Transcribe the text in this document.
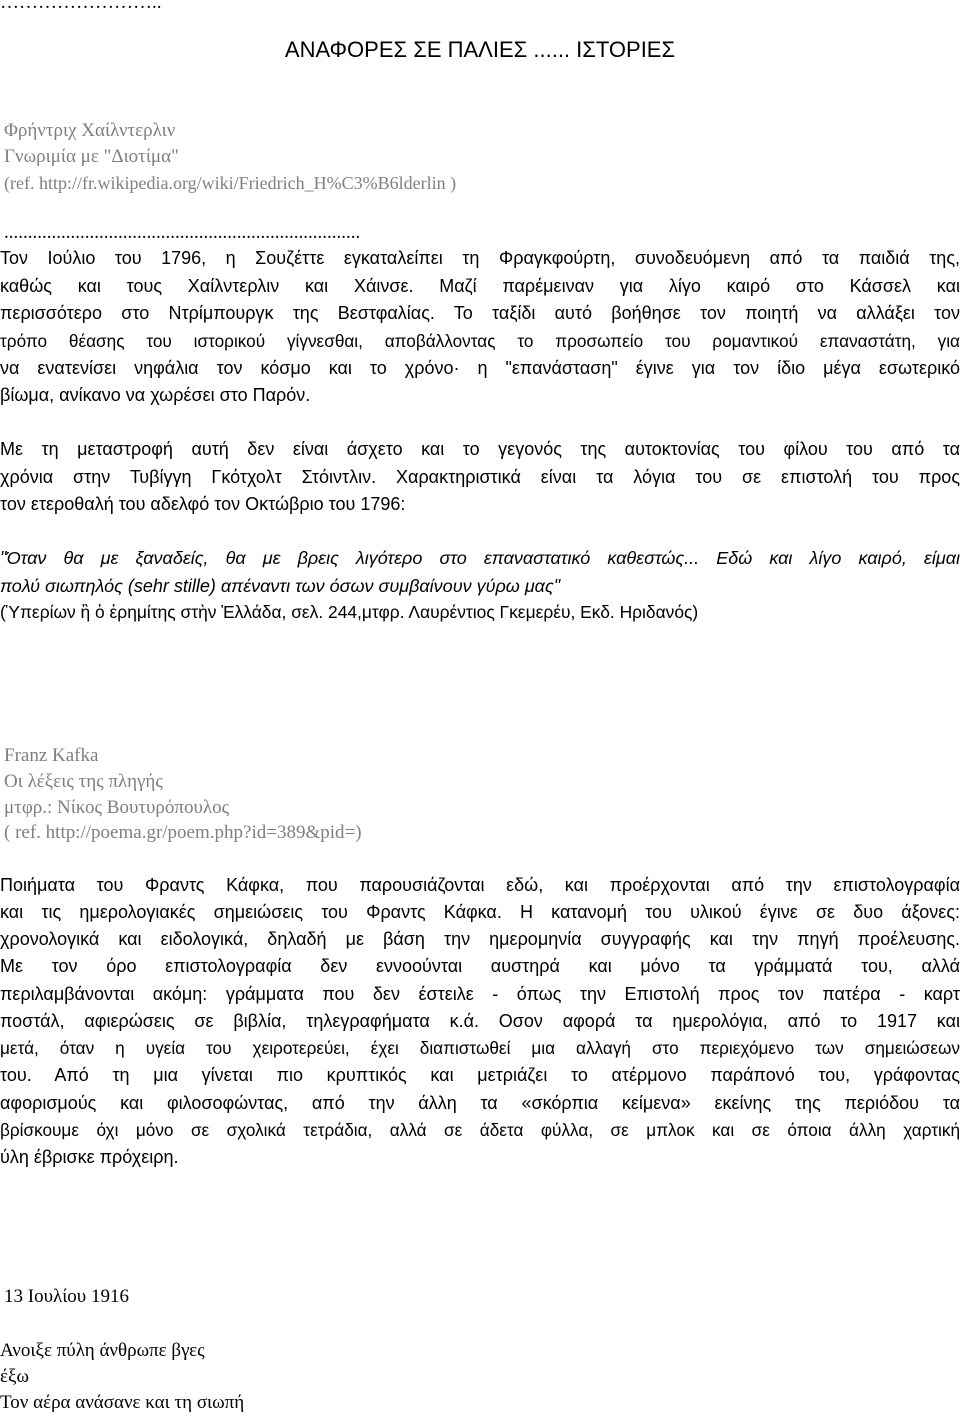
……………………..
ΑΝΑΦΟΡΕΣ ΣΕ ΠΑΛΙΕΣ ...... ΙΣΤΟΡΙΕΣ
Φρήντριχ Χαίλντερλιν
Γνωριμία με "Διοτίμα"
(ref. http://fr.wikipedia.org/wiki/Friedrich_H%C3%B6lderlin )
...........................................................................
Τον Ιούλιο του 1796, η Σουζέττε εγκαταλείπει τη Φραγκφούρτη, συνοδευόμενη από τα παιδιά της,
καθώς και τους Χαίλντερλιν και Χάινσε. Μαζί παρέμειναν για λίγο καιρό στο Κάσσελ και
περισσότερο στο Ντρίμπουργκ της Βεστφαλίας. Το ταξίδι αυτό βοήθησε τον ποιητή να αλλάξει τον
τρόπο θέασης του ιστορικού γίγνεσθαι, αποβάλλοντας το προσωπείο του ρομαντικού επαναστάτη, για
να ενατενίσει νηφάλια τον κόσμο και το χρόνο· η "επανάσταση" έγινε για τον ίδιο μέγα εσωτερικό
βίωμα, ανίκανο να χωρέσει στο Παρόν.
Με τη μεταστροφή αυτή δεν είναι άσχετο και το γεγονός της αυτοκτονίας του φίλου του από τα
χρόνια στην Τυβίγγη Γκότχολτ Στόιντλιν. Χαρακτηριστικά είναι τα λόγια του σε επιστολή του προς
τον ετεροθαλή του αδελφό τον Οκτώβριο του 1796:
"Όταν θα με ξαναδείς, θα με βρεις λιγότερο στο επαναστατικό καθεστώς... Εδώ και λίγο καιρό, είμαι
πολύ σιωπηλός (sehr stille) απέναντι των όσων συμβαίνουν γύρω μας"
(Ὑπερίων ἢ ὁ ἐρημίτης στὴν Ἑλλάδα, σελ. 244,μτφρ. Λαυρέντιος Γκεμερέυ, Εκδ. Ηριδανός)
Franz Kafka
Οι λέξεις της πληγής
μτφρ.: Νίκος Βουτυρόπουλος
( ref. http://poema.gr/poem.php?id=389&pid=)
Ποιήματα του Φραντς Κάφκα, που παρουσιάζονται εδώ, και προέρχονται από την επιστολογραφία
και τις ημερολογιακές σημειώσεις του Φραντς Κάφκα. Η κατανομή του υλικού έγινε σε δυο άξονες:
χρονολογικά και ειδολογικά, δηλαδή με βάση την ημερομηνία συγγραφής και την πηγή προέλευσης.
Με τον όρο επιστολογραφία δεν εννοούνται αυστηρά και μόνο τα γράμματά του, αλλά
περιλαμβάνονται ακόμη: γράμματα που δεν έστειλε - όπως την Επιστολή προς τον πατέρα - καρτ
ποστάλ, αφιερώσεις σε βιβλία, τηλεγραφήματα κ.ά. Οσον αφορά τα ημερολόγια, από το 1917 και
μετά, όταν η υγεία του χειροτερεύει, έχει διαπιστωθεί μια αλλαγή στο περιεχόμενο των σημειώσεων
του. Από τη μια γίνεται πιο κρυπτικός και μετριάζει το ατέρμονο παράπονό του, γράφοντας
αφορισμούς και φιλοσοφώντας, από την άλλη τα «σκόρπια κείμενα» εκείνης της περιόδου τα
βρίσκουμε όχι μόνο σε σχολικά τετράδια, αλλά σε άδετα φύλλα, σε μπλοκ και σε όποια άλλη χαρτική
ύλη έβρισκε πρόχειρη.
13 Ιουλίου 1916
Ανοιξε πύλη άνθρωπε βγες
έξω
Τον αέρα ανάσανε και τη σιωπή
